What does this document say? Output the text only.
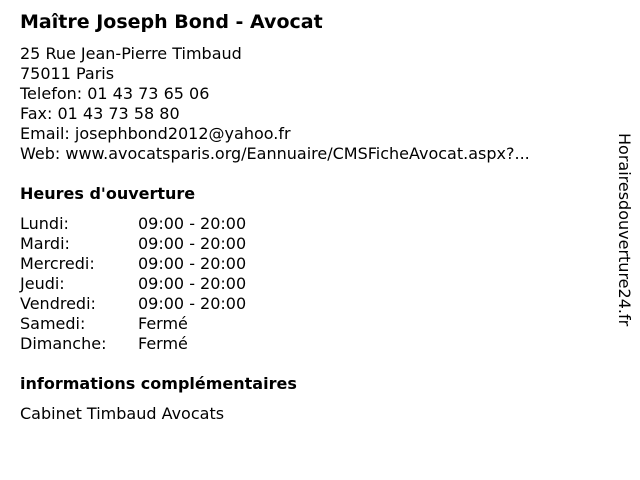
Maître Joseph Bond - Avocat
25 Rue Jean-Pierre Timbaud
75011 Paris
Telefon: 01 43 73 65 06
Fax: 01 43 73 58 80
Email: josephbond2012@yahoo.fr
Web: www.avocatsparis.org/Eannuaire/CMSFicheAvocat.aspx?...
Heures d'ouverture
Lundi:	09:00 - 20:00
Mardi:	09:00 - 20:00
Mercredi:	09:00 - 20:00
Jeudi:	09:00 - 20:00
Vendredi:	09:00 - 20:00
Samedi:	Fermé
Dimanche: Fermé
informations complémentaires
Cabinet Timbaud Avocats
Horairesdouverture24.fr
